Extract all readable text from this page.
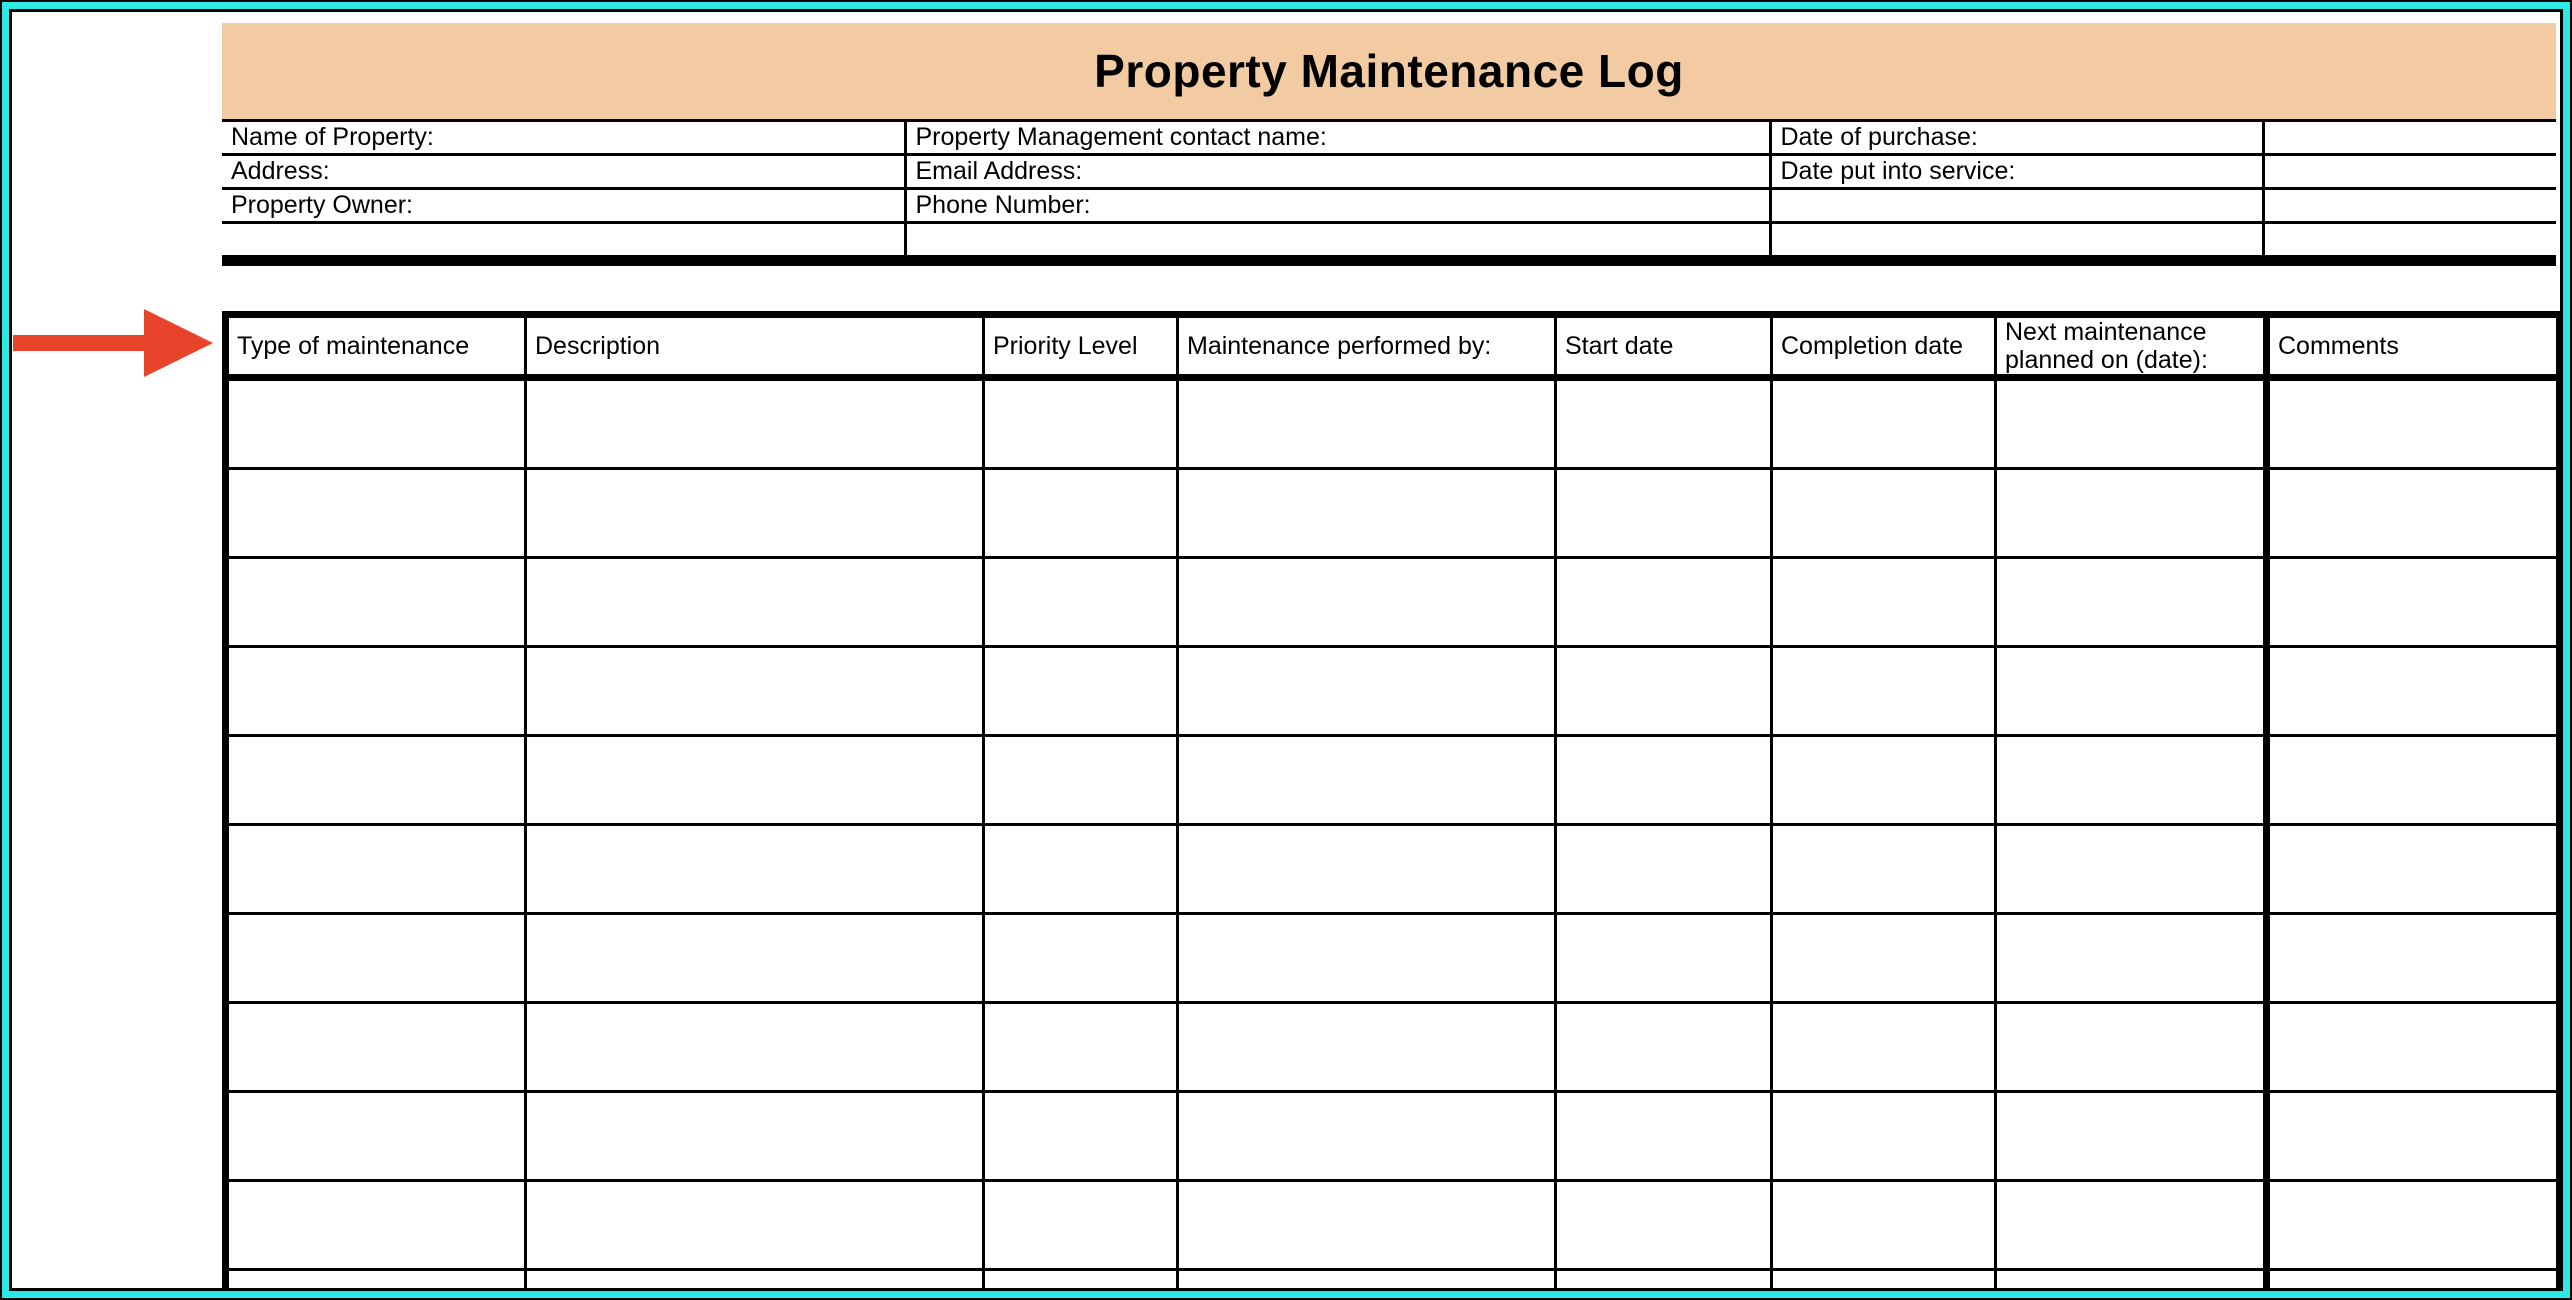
Property Maintenance Log
Name of Property:	Property Management contact name:	Date of purchase:	
Address:	Email Address:	Date put into service:	
Property Owner:	Phone Number:		

Type of maintenance	Description	Priority Level	Maintenance performed by:	Start date	Completion date	Next maintenance planned on (date):	Comments
